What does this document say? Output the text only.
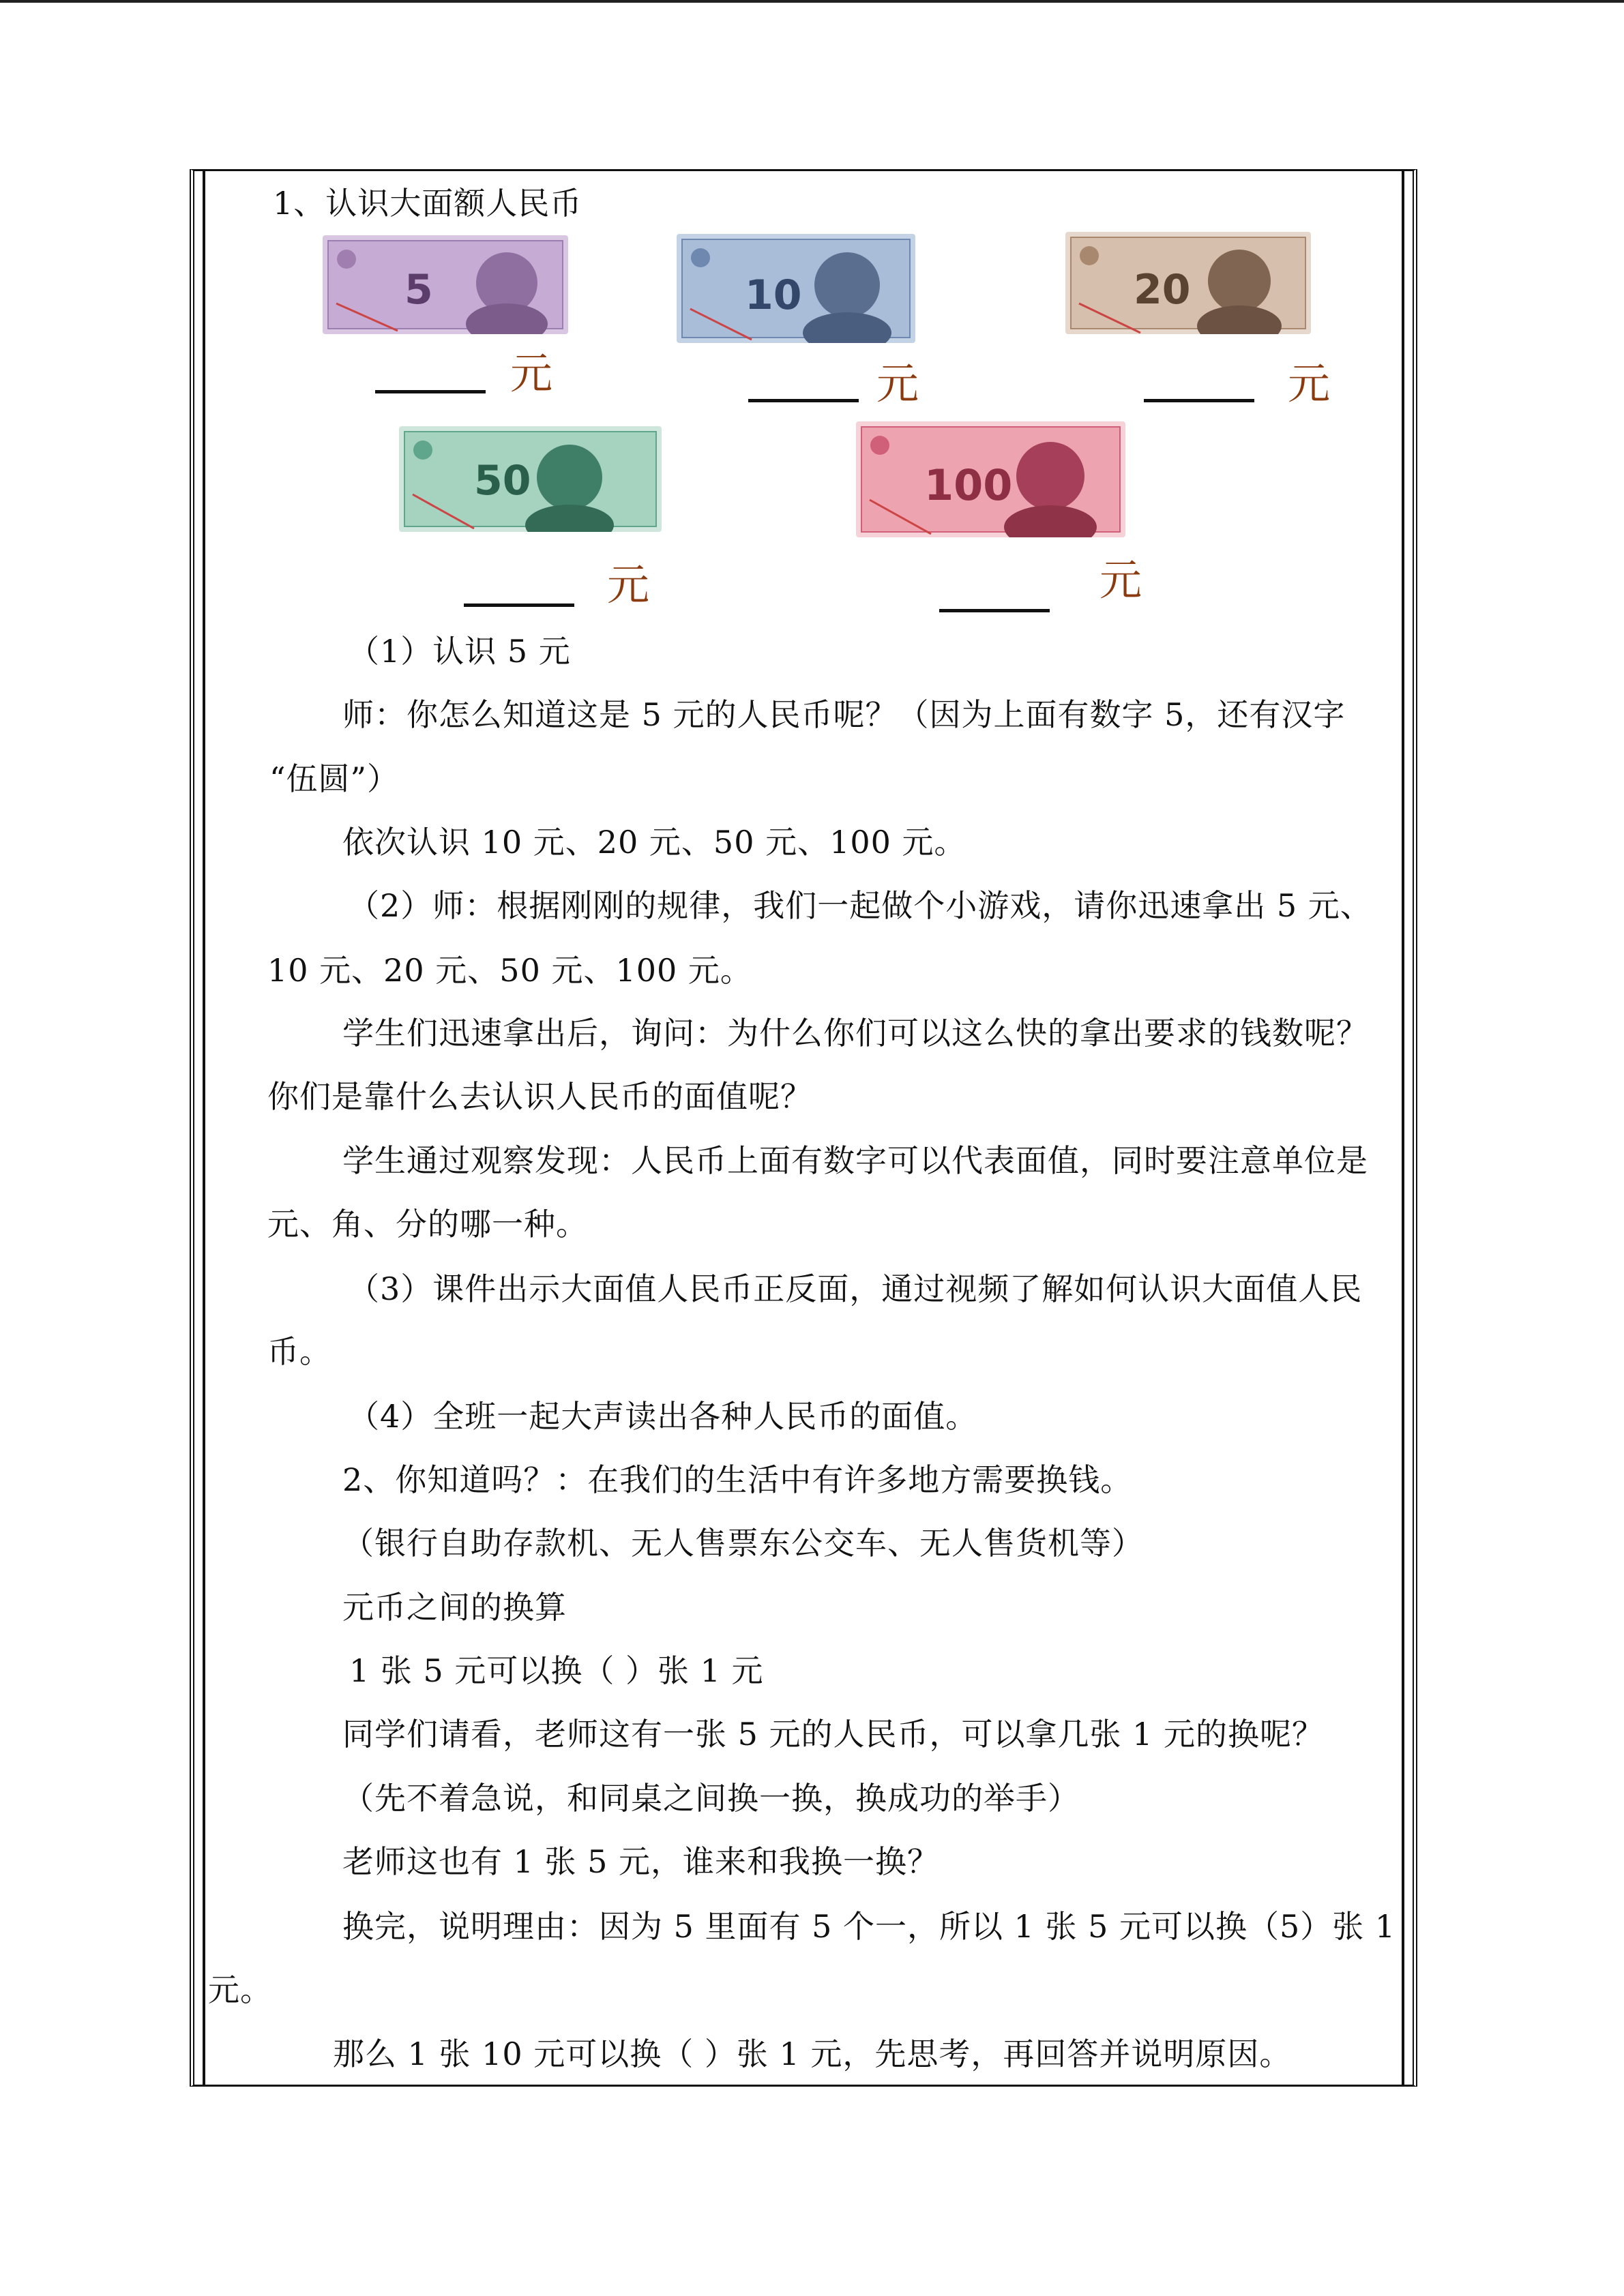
1、认识大面额人民币
5	10	20
元	元	元
50	100
元	元
（1）认识 5 元
师：你怎么知道这是 5 元的人民币呢？（因为上面有数字 5，还有汉字
“伍圆”）
依次认识 10 元、20 元、50 元、100 元。
（2）师：根据刚刚的规律，我们一起做个小游戏，请你迅速拿出 5 元、
10 元、20 元、50 元、100 元。
学生们迅速拿出后，询问：为什么你们可以这么快的拿出要求的钱数呢？
你们是靠什么去认识人民币的面值呢？
学生通过观察发现：人民币上面有数字可以代表面值，同时要注意单位是
元、角、分的哪一种。
（3）课件出示大面值人民币正反面，通过视频了解如何认识大面值人民
币。
（4）全班一起大声读出各种人民币的面值。
2、你知道吗？：在我们的生活中有许多地方需要换钱。
（银行自助存款机、无人售票东公交车、无人售货机等）
元币之间的换算
1 张 5 元可以换（ ）张 1 元
同学们请看，老师这有一张 5 元的人民币，可以拿几张 1 元的换呢？
（先不着急说，和同桌之间换一换，换成功的举手）
老师这也有 1 张 5 元，谁来和我换一换？
换完，说明理由：因为 5 里面有 5 个一，所以 1 张 5 元可以换（5）张 1
元。
那么 1 张 10 元可以换（ ）张 1 元，先思考，再回答并说明原因。
